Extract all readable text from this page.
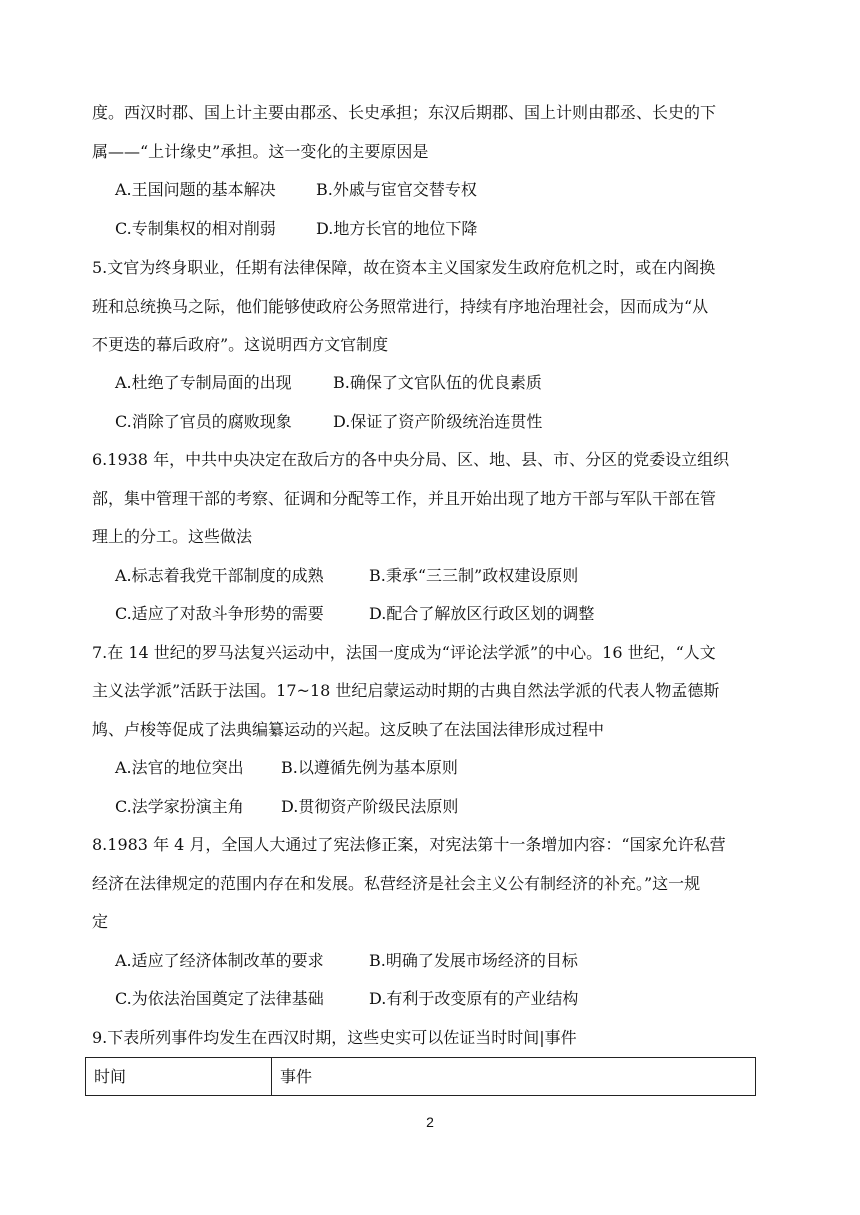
度。西汉时郡、国上计主要由郡丞、长史承担；东汉后期郡、国上计则由郡丞、长史的下
属——“上计缘史”承担。这一变化的主要原因是
A.王国问题的基本解决	B.外戚与宦官交替专权
C.专制集权的相对削弱	D.地方长官的地位下降
5.文官为终身职业，任期有法律保障，故在资本主义国家发生政府危机之时，或在内阁换
班和总统换马之际，他们能够使政府公务照常进行，持续有序地治理社会，因而成为“从
不更迭的幕后政府”。这说明西方文官制度
A.杜绝了专制局面的出现	B.确保了文官队伍的优良素质
C.消除了官员的腐败现象	D.保证了资产阶级统治连贯性
6.1938 年，中共中央决定在敌后方的各中央分局、区、地、县、市、分区的党委设立组织
部，集中管理干部的考察、征调和分配等工作，并且开始出现了地方干部与军队干部在管
理上的分工。这些做法
A.标志着我党干部制度的成熟	B.秉承“三三制”政权建设原则
C.适应了对敌斗争形势的需要	D.配合了解放区行政区划的调整
7.在 14 世纪的罗马法复兴运动中，法国一度成为“评论法学派”的中心。16 世纪，“人文
主义法学派”活跃于法国。17~18 世纪启蒙运动时期的古典自然法学派的代表人物孟德斯
鸠、卢梭等促成了法典编纂运动的兴起。这反映了在法国法律形成过程中
A.法官的地位突出 B.以遵循先例为基本原则
C.法学家扮演主角 D.贯彻资产阶级民法原则
8.1983 年 4 月，全国人大通过了宪法修正案，对宪法第十一条增加内容：“国家允许私营
经济在法律规定的范围内存在和发展。私营经济是社会主义公有制经济的补充。”这一规
定
A.适应了经济体制改革的要求	B.明确了发展市场经济的目标
C.为依法治国奠定了法律基础	D.有利于改变原有的产业结构
9.下表所列事件均发生在西汉时期，这些史实可以佐证当时时间|事件
时间	事件
2
